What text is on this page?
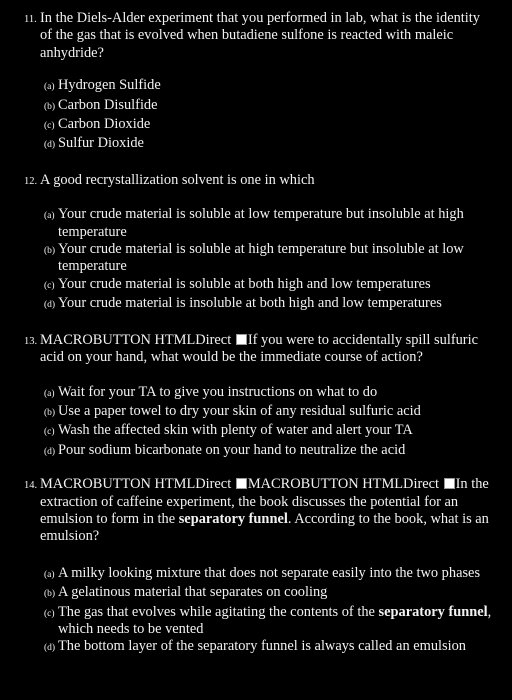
11. In the Diels-Alder experiment that you performed in lab, what is the identity of the gas that is evolved when butadiene sulfone is reacted with maleic anhydride?
(a) Hydrogen Sulfide
(b) Carbon Disulfide
(c) Carbon Dioxide
(d) Sulfur Dioxide
12. A good recrystallization solvent is one in which
(a) Your crude material is soluble at low temperature but insoluble at high temperature
(b) Your crude material is soluble at high temperature but insoluble at low temperature
(c) Your crude material is soluble at both high and low temperatures
(d) Your crude material is insoluble at both high and low temperatures
13. MACROBUTTON HTMLDirect If you were to accidentally spill sulfuric acid on your hand, what would be the immediate course of action?
(a) Wait for your TA to give you instructions on what to do
(b) Use a paper towel to dry your skin of any residual sulfuric acid
(c) Wash the affected skin with plenty of water and alert your TA
(d) Pour sodium bicarbonate on your hand to neutralize the acid
14. MACROBUTTON HTMLDirect MACROBUTTON HTMLDirect In the extraction of caffeine experiment, the book discusses the potential for an emulsion to form in the separatory funnel. According to the book, what is an emulsion?
(a) A milky looking mixture that does not separate easily into the two phases
(b) A gelatinous material that separates on cooling
(c) The gas that evolves while agitating the contents of the separatory funnel, which needs to be vented
(d) The bottom layer of the separatory funnel is always called an emulsion
